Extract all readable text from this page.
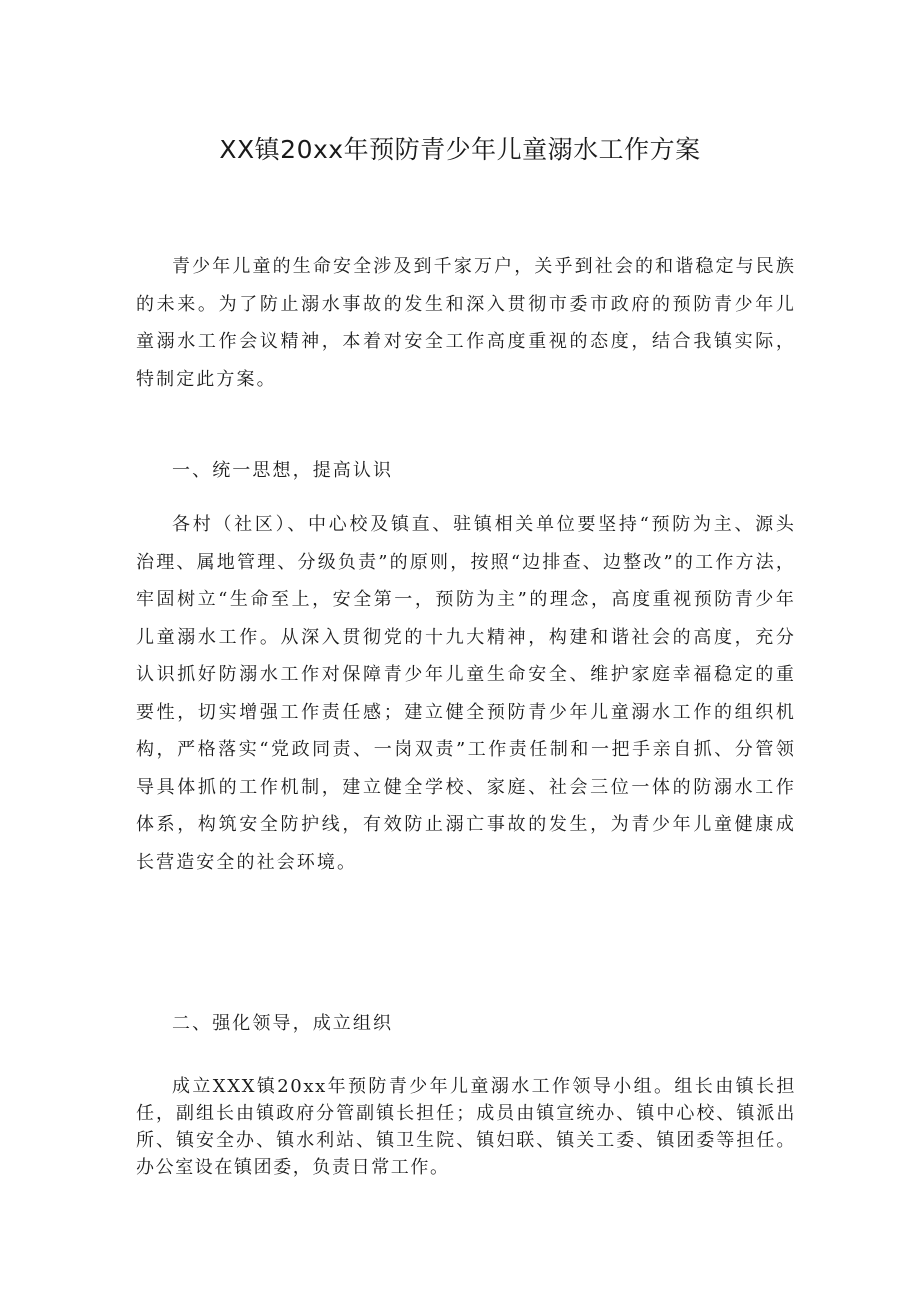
XX镇20xx年预防青少年儿童溺水工作方案

青少年儿童的生命安全涉及到千家万户，关乎到社会的和谐稳定与民族的未来。为了防止溺水事故的发生和深入贯彻市委市政府的预防青少年儿童溺水工作会议精神，本着对安全工作高度重视的态度，结合我镇实际，特制定此方案。

一、统一思想，提高认识

各村（社区）、中心校及镇直、驻镇相关单位要坚持“预防为主、源头治理、属地管理、分级负责”的原则，按照“边排查、边整改”的工作方法，牢固树立“生命至上，安全第一，预防为主”的理念，高度重视预防青少年儿童溺水工作。从深入贯彻党的十九大精神，构建和谐社会的高度，充分认识抓好防溺水工作对保障青少年儿童生命安全、维护家庭幸福稳定的重要性，切实增强工作责任感；建立健全预防青少年儿童溺水工作的组织机构，严格落实“党政同责、一岗双责”工作责任制和一把手亲自抓、分管领导具体抓的工作机制，建立健全学校、家庭、社会三位一体的防溺水工作体系，构筑安全防护线，有效防止溺亡事故的发生，为青少年儿童健康成长营造安全的社会环境。

二、强化领导，成立组织

成立XXX镇20xx年预防青少年儿童溺水工作领导小组。组长由镇长担任，副组长由镇政府分管副镇长担任；成员由镇宣统办、镇中心校、镇派出所、镇安全办、镇水利站、镇卫生院、镇妇联、镇关工委、镇团委等担任。办公室设在镇团委，负责日常工作。
